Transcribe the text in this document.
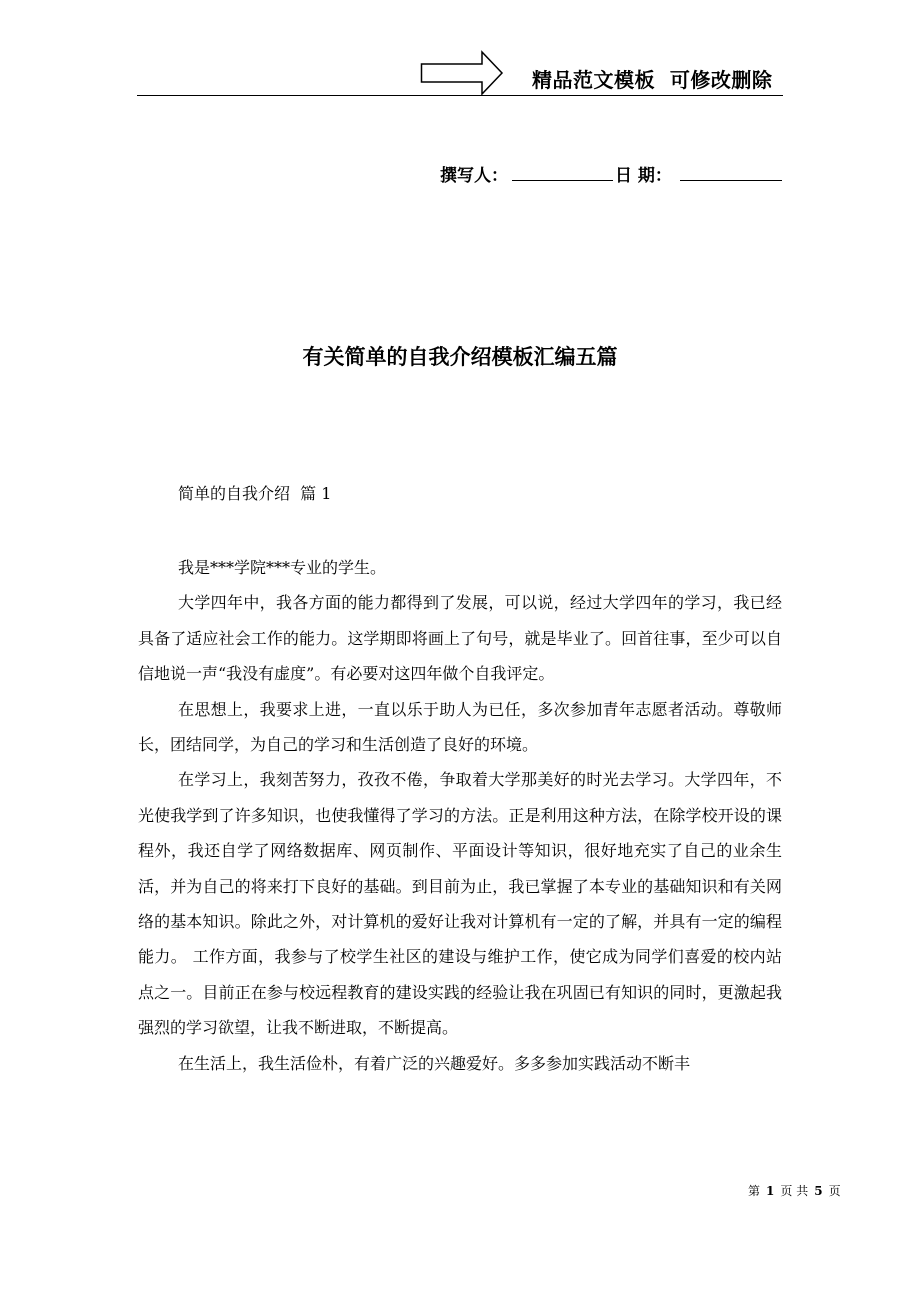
精品范文模板  可修改删除
撰写人：	日 期：
有关简单的自我介绍模板汇编五篇
简单的自我介绍  篇 1

我是***学院***专业的学生。

大学四年中，我各方面的能力都得到了发展，可以说，经过大学四年的学习，我已经具备了适应社会工作的能力。这学期即将画上了句号，就是毕业了。回首往事，至少可以自信地说一声“我没有虚度”。有必要对这四年做个自我评定。

在思想上，我要求上进，一直以乐于助人为已任，多次参加青年志愿者活动。尊敬师长，团结同学，为自己的学习和生活创造了良好的环境。

在学习上，我刻苦努力，孜孜不倦，争取着大学那美好的时光去学习。大学四年，不光使我学到了许多知识，也使我懂得了学习的方法。正是利用这种方法，在除学校开设的课程外，我还自学了网络数据库、网页制作、平面设计等知识，很好地充实了自己的业余生活，并为自己的将来打下良好的基础。到目前为止，我已掌握了本专业的基础知识和有关网络的基本知识。除此之外，对计算机的爱好让我对计算机有一定的了解，并具有一定的编程能力。 工作方面，我参与了校学生社区的建设与维护工作，使它成为同学们喜爱的校内站点之一。目前正在参与校远程教育的建设实践的经验让我在巩固已有知识的同时，更激起我强烈的学习欲望，让我不断进取，不断提高。

在生活上，我生活俭朴，有着广泛的兴趣爱好。多多参加实践活动不断丰

第 1 页 共 5 页
